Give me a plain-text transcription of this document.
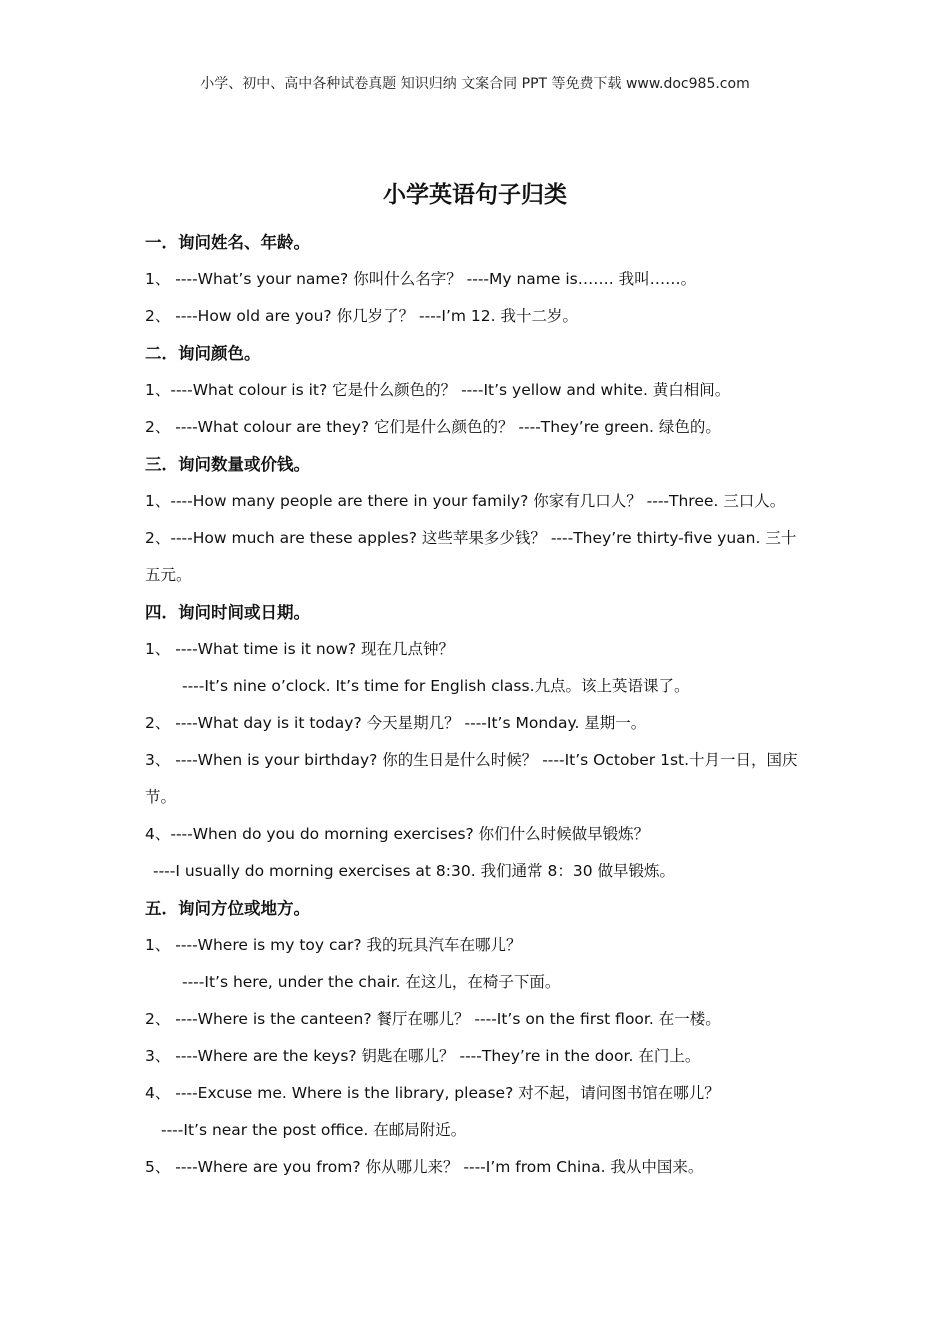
小学、初中、高中各种试卷真题 知识归纳 文案合同 PPT 等免费下载 www.doc985.com
小学英语句子归类
一．询问姓名、年龄。
1、 ----What’s your name? 你叫什么名字？ ----My name is……. 我叫……。
2、 ----How old are you? 你几岁了？ ----I’m 12. 我十二岁。
二．询问颜色。
1、----What colour is it? 它是什么颜色的？ ----It’s yellow and white. 黄白相间。
2、 ----What colour are they? 它们是什么颜色的？ ----They’re green. 绿色的。
三．询问数量或价钱。
1、----How many people are there in your family? 你家有几口人？ ----Three. 三口人。
2、----How much are these apples? 这些苹果多少钱？ ----They’re thirty-five yuan. 三十五元。
四．询问时间或日期。
1、 ----What time is it now? 现在几点钟？
----It’s nine o’clock. It’s time for English class.九点。该上英语课了。
2、 ----What day is it today? 今天星期几？ ----It’s Monday. 星期一。
3、 ----When is your birthday? 你的生日是什么时候？ ----It’s October 1st.十月一日，国庆节。
4、----When do you do morning exercises? 你们什么时候做早锻炼？
----I usually do morning exercises at 8:30. 我们通常 8：30 做早锻炼。
五．询问方位或地方。
1、 ----Where is my toy car? 我的玩具汽车在哪儿？
----It’s here, under the chair. 在这儿，在椅子下面。
2、 ----Where is the canteen? 餐厅在哪儿？ ----It’s on the first floor. 在一楼。
3、 ----Where are the keys? 钥匙在哪儿？ ----They’re in the door. 在门上。
4、 ----Excuse me. Where is the library, please? 对不起，请问图书馆在哪儿？
----It’s near the post office. 在邮局附近。
5、 ----Where are you from? 你从哪儿来？ ----I’m from China. 我从中国来。
